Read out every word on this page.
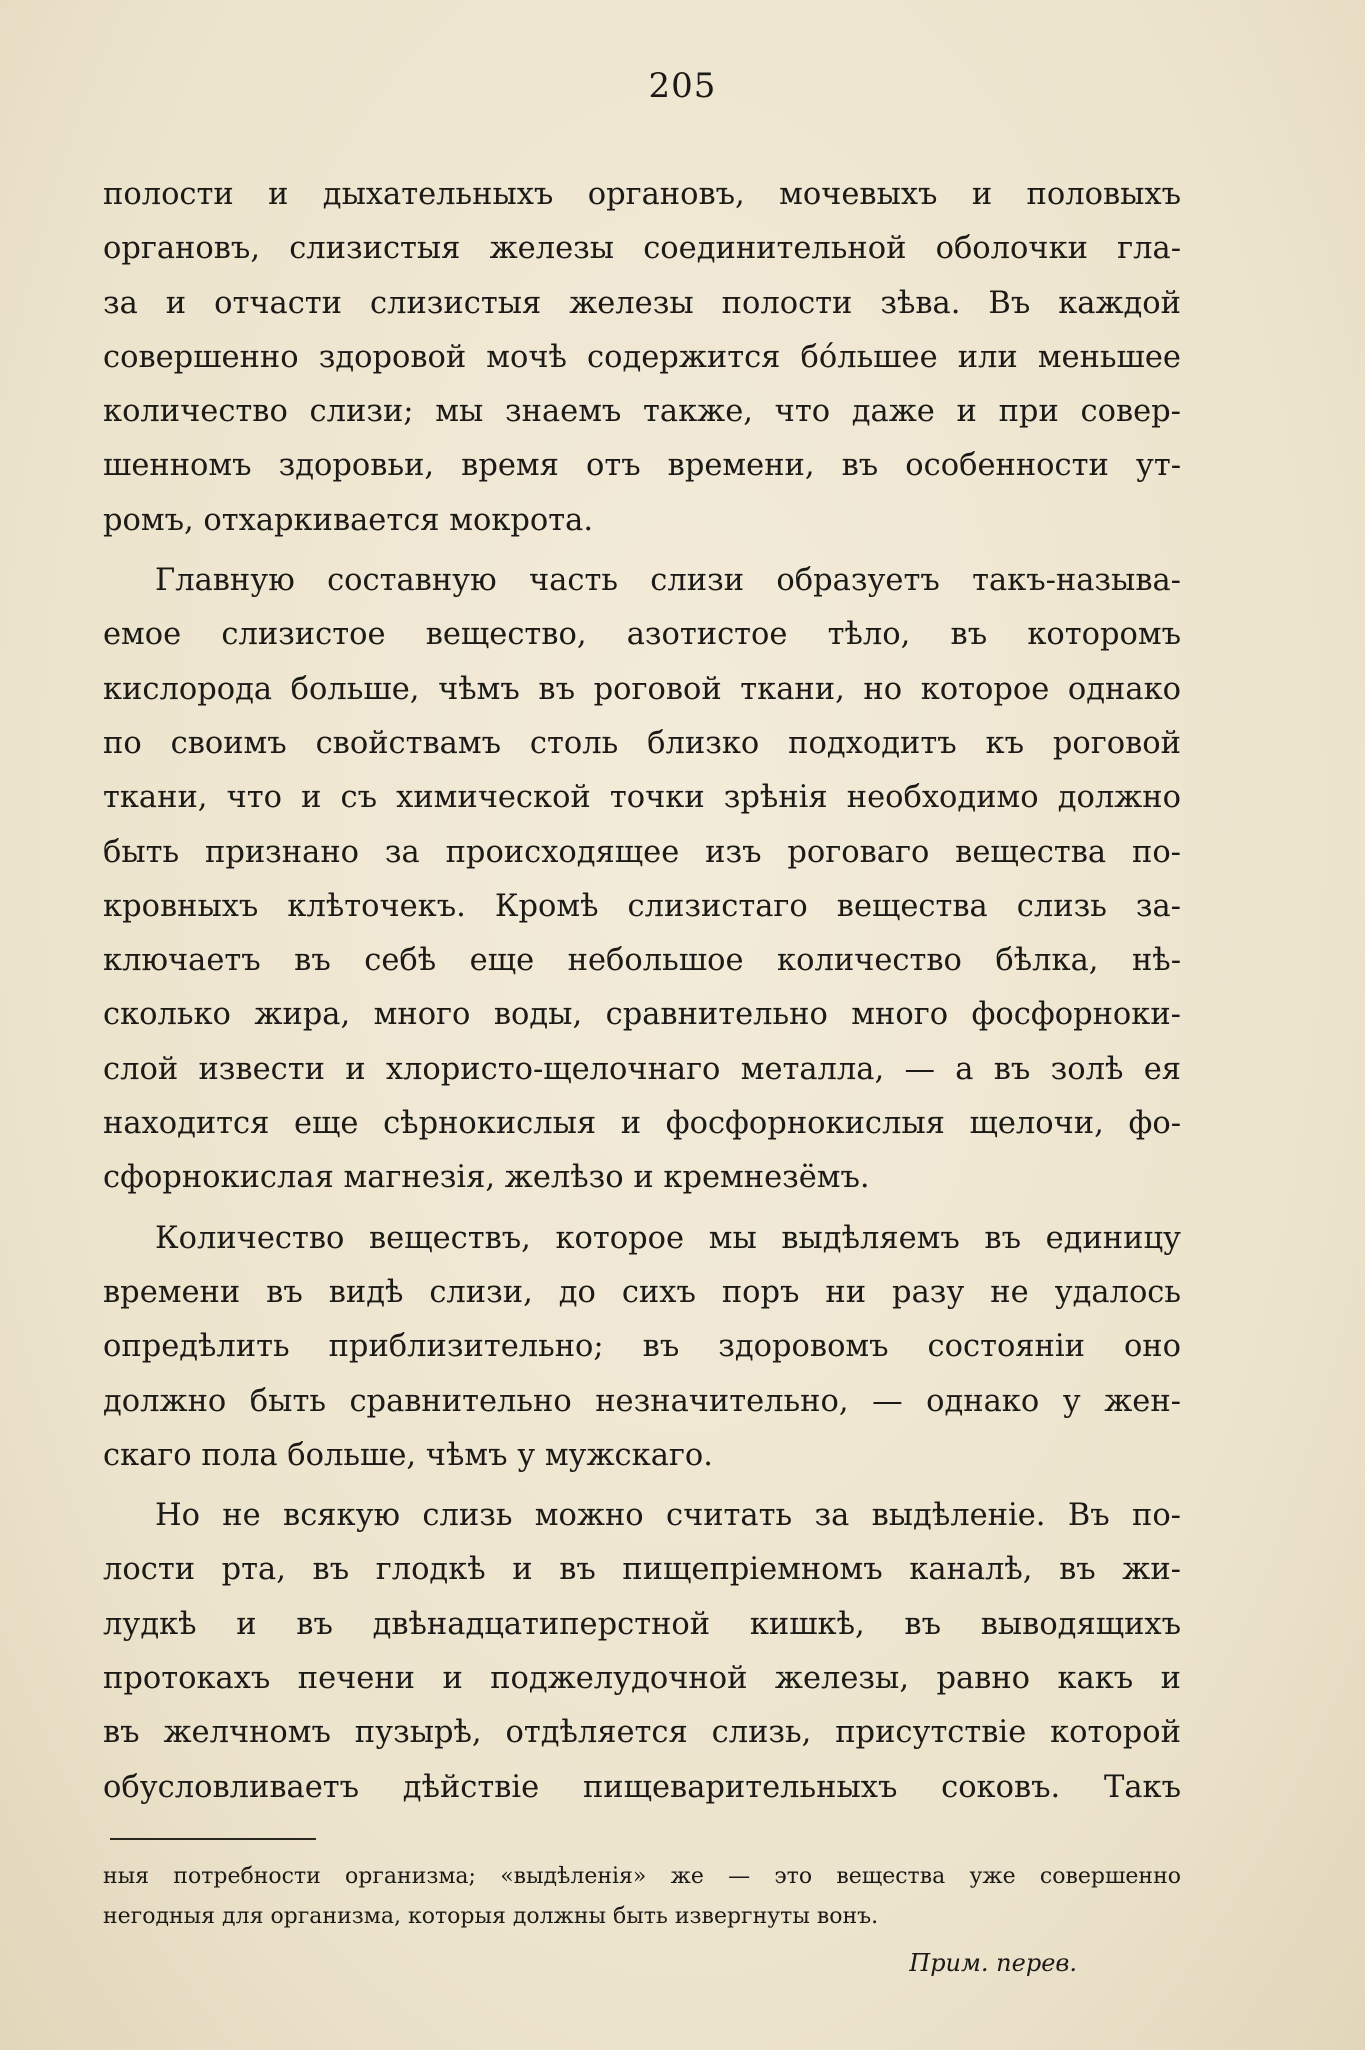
205
полости и дыхательныхъ органовъ, мочевыхъ и половыхъ
органовъ, слизистыя железы соединительной оболочки гла-
за и отчасти слизистыя железы полости зѣва. Въ каждой
совершенно здоровой мочѣ содержится бóльшее или меньшее
количество слизи; мы знаемъ также, что даже и при совер-
шенномъ здоровьи, время отъ времени, въ особенности ут-
ромъ, отхаркивается мокрота.
Главную составную часть слизи образуетъ такъ-называ-
емое слизистое вещество, азотистое тѣло, въ которомъ
кислорода больше, чѣмъ въ роговой ткани, но которое однако
по своимъ свойствамъ столь близко подходитъ къ роговой
ткани, что и съ химической точки зрѣнія необходимо должно
быть признано за происходящее изъ роговаго вещества по-
кровныхъ клѣточекъ. Кромѣ слизистаго вещества слизь за-
ключаетъ въ себѣ еще небольшое количество бѣлка, нѣ-
сколько жира, много воды, сравнительно много фосфорноки-
слой извести и хлористо-щелочнаго металла, — а въ золѣ ея
находится еще сѣрнокислыя и фосфорнокислыя щелочи, фо-
сфорнокислая магнезія, желѣзо и кремнезёмъ.
Количество веществъ, которое мы выдѣляемъ въ единицу
времени въ видѣ слизи, до сихъ поръ ни разу не удалось
опредѣлить приблизительно; въ здоровомъ состояніи оно
должно быть сравнительно незначительно, — однако у жен-
скаго пола больше, чѣмъ у мужскаго.
Но не всякую слизь можно считать за выдѣленіе. Въ по-
лости рта, въ глодкѣ и въ пищепріемномъ каналѣ, въ жи-
лудкѣ и въ двѣнадцатиперстной кишкѣ, въ выводящихъ
протокахъ печени и поджелудочной железы, равно какъ и
въ желчномъ пузырѣ, отдѣляется слизь, присутствіе которой
обусловливаетъ дѣйствіе пищеварительныхъ соковъ. Такъ
ныя потребности организма; «выдѣленія» же — это вещества уже совершенно
негодныя для организма, которыя должны быть извергнуты вонъ.
Прим. перев.
